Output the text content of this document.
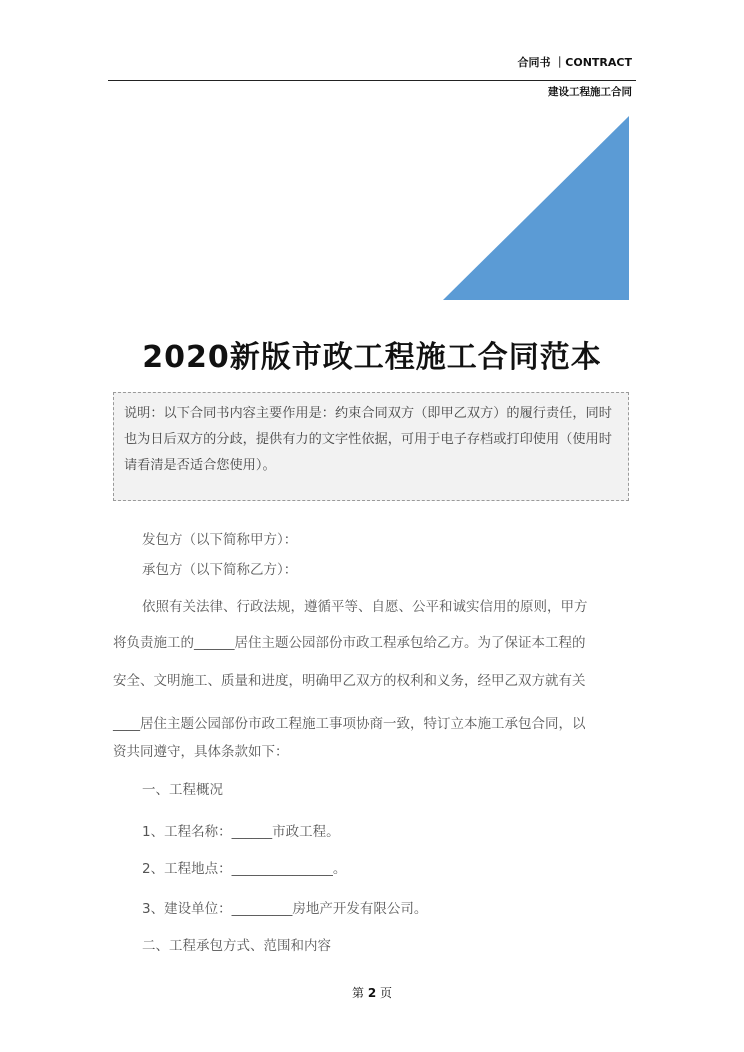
合同书 ｜CONTRACT
建设工程施工合同
2020新版市政工程施工合同范本
说明：以下合同书内容主要作用是：约束合同双方（即甲乙双方）的履行责任，同时也为日后双方的分歧，提供有力的文字性依据，可用于电子存档或打印使用（使用时请看清是否适合您使用）。
发包方（以下简称甲方）：
承包方（以下简称乙方）：
依照有关法律、行政法规，遵循平等、自愿、公平和诚实信用的原则，甲方
将负责施工的______居住主题公园部份市政工程承包给乙方。为了保证本工程的
安全、文明施工、质量和进度，明确甲乙双方的权利和义务，经甲乙双方就有关
____居住主题公园部份市政工程施工事项协商一致，特订立本施工承包合同，以
资共同遵守，具体条款如下：
一、工程概况
1、工程名称：______市政工程。
2、工程地点：_______________。
3、建设单位：_________房地产开发有限公司。
二、工程承包方式、范围和内容
第 2 页
